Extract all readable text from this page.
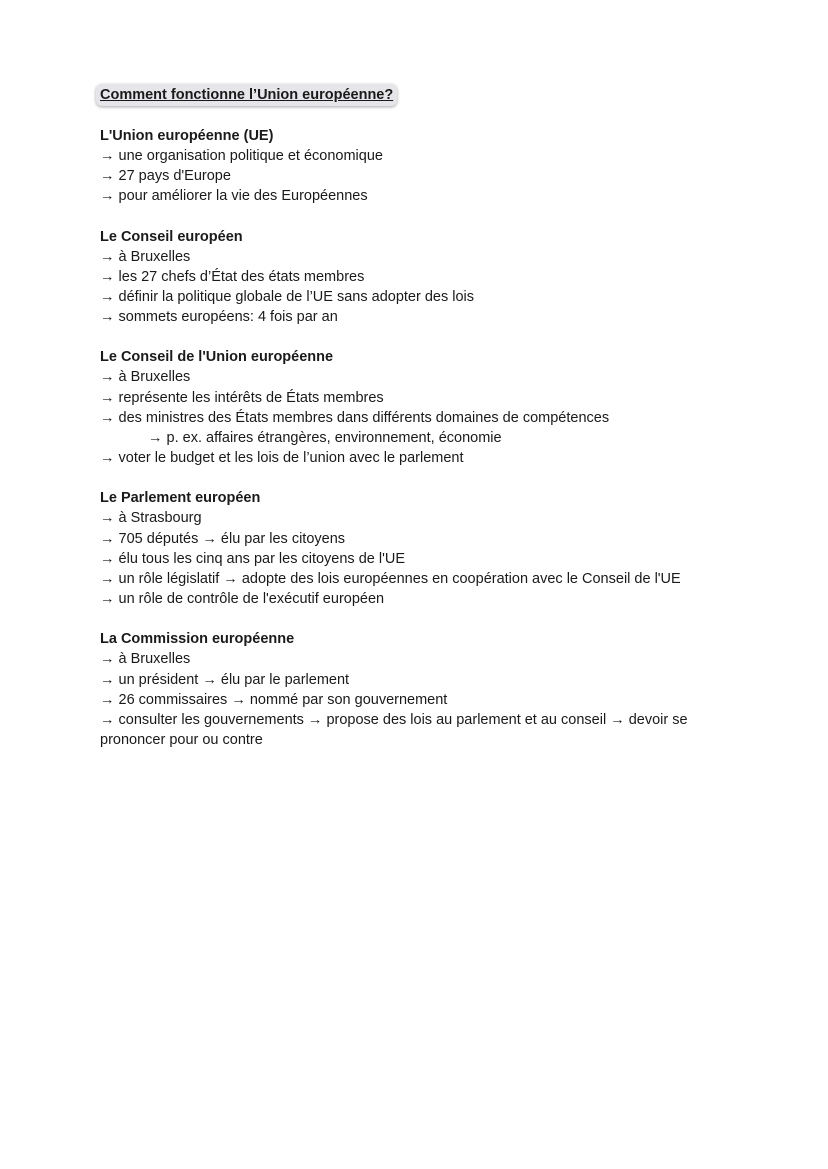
Comment fonctionne l’Union européenne?

L'Union européenne (UE)

→ une organisation politique et économique

→ 27 pays d'Europe

→ pour améliorer la vie des Européennes

Le Conseil européen

→ à Bruxelles

→ les 27 chefs d’État des états membres

→ définir la politique globale de l’UE sans adopter des lois

→ sommets européens: 4 fois par an

Le Conseil de l'Union européenne

→ à Bruxelles

→ représente les intérêts de États membres

→ des ministres des États membres dans différents domaines de compétences

→ p. ex. affaires étrangères, environnement, économie

→ voter le budget et les lois de l’union avec le parlement

Le Parlement européen

→ à Strasbourg

→ 705 députés → élu par les citoyens

→ élu tous les cinq ans par les citoyens de l'UE

→ un rôle législatif → adopte des lois européennes en coopération avec le Conseil de l'UE

→ un rôle de contrôle de l'exécutif européen

La Commission européenne

→ à Bruxelles

→ un président → élu par le parlement

→ 26 commissaires → nommé par son gouvernement

→ consulter les gouvernements → propose des lois au parlement et au conseil → devoir se prononcer pour ou contre
